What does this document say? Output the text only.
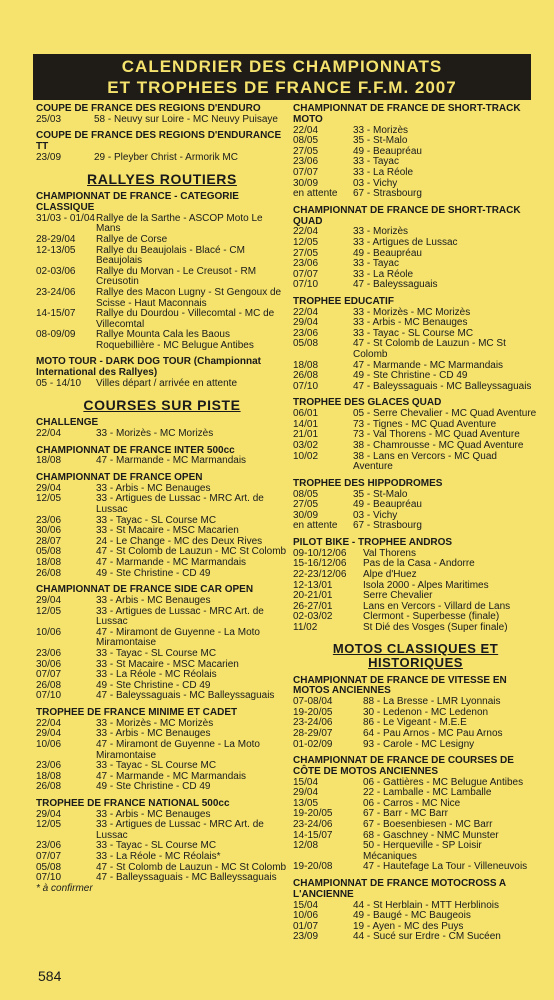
CALENDRIER DES CHAMPIONNATS
ET TROPHEES DE FRANCE F.F.M. 2007
COUPE DE FRANCE DES REGIONS D'ENDURO
25/03	58 - Neuvy sur Loire - MC Neuvy Puisaye
COUPE DE FRANCE DES REGIONS D'ENDURANCE TT
23/09	29 - Pleyber Christ - Armorik MC
RALLYES ROUTIERS
CHAMPIONNAT DE FRANCE - CATEGORIE CLASSIQUE
31/03 - 01/04 Rallye de la Sarthe - ASCOP Moto Le Mans
28-29/04	Rallye de Corse
12-13/05	Rallye du Beaujolais - Blacé - CM Beaujolais
02-03/06	Rallye du Morvan - Le Creusot - RM Creusotin
23-24/06	Rallye des Macon Lugny - St Gengoux de Scisse - Haut Maconnais
14-15/07	Rallye du Dourdou - Villecomtal - MC de Villecomtal
08-09/09	Rallye Mounta Cala les Baous Roquebillière - MC Belugue Antibes
MOTO TOUR - DARK DOG TOUR (Championnat International des Rallyes)
05 - 14/10	Villes départ / arrivée en attente
COURSES SUR PISTE
CHALLENGE
22/04	33 - Morizès - MC Morizès
CHAMPIONNAT DE FRANCE INTER 500cc
18/08	47 - Marmande - MC Marmandais
CHAMPIONNAT DE FRANCE OPEN
29/04	33 - Arbis - MC Benauges
12/05	33 - Artigues de Lussac - MRC Art. de Lussac
23/06	33 - Tayac - SL Course MC
30/06	33 - St Macaire - MSC Macarien
28/07	24 - Le Change - MC des Deux Rives
05/08	47 - St Colomb de Lauzun - MC St Colomb
18/08	47 - Marmande - MC Marmandais
26/08	49 - Ste Christine - CD 49
CHAMPIONNAT DE FRANCE SIDE CAR OPEN
29/04	33 - Arbis - MC Benauges
12/05	33 - Artigues de Lussac - MRC Art. de Lussac
10/06	47 - Miramont de Guyenne - La Moto Miramontaise
23/06	33 - Tayac - SL Course MC
30/06	33 - St Macaire - MSC Macarien
07/07	33 - La Réole - MC Réolais
26/08	49 - Ste Christine - CD 49
07/10	47 - Baleyssaguais - MC Balleyssaguais
TROPHEE DE FRANCE MINIME ET CADET
22/04	33 - Morizès - MC Morizès
29/04	33 - Arbis - MC Benauges
10/06	47 - Miramont de Guyenne - La Moto Miramontaise
23/06	33 - Tayac - SL Course MC
18/08	47 - Marmande - MC Marmandais
26/08	49 - Ste Christine - CD 49
TROPHEE DE FRANCE NATIONAL 500cc
29/04	33 - Arbis - MC Benauges
12/05	33 - Artigues de Lussac - MRC Art. de Lussac
23/06	33 - Tayac - SL Course MC
07/07	33 - La Réole - MC Réolais*
05/08	47 - St Colomb de Lauzun - MC St Colomb
07/10	47 - Balleyssaguais - MC Balleyssaguais
* à confirmer
CHAMPIONNAT DE FRANCE DE SHORT-TRACK MOTO
22/04	33 - Morizès
08/05	35 - St-Malo
27/05	49 - Beaupréau
23/06	33 - Tayac
07/07	33 - La Réole
30/09	03 - Vichy
en attente	67 - Strasbourg
CHAMPIONNAT DE FRANCE DE SHORT-TRACK QUAD
22/04	33 - Morizès
12/05	33 - Artigues de Lussac
27/05	49 - Beaupréau
23/06	33 - Tayac
07/07	33 - La Réole
07/10	47 - Baleyssaguais
TROPHEE EDUCATIF
22/04	33 - Morizès - MC Morizès
29/04	33 - Arbis - MC Benauges
23/06	33 - Tayac - SL Course MC
05/08	47 - St Colomb de Lauzun - MC St Colomb
18/08	47 - Marmande - MC Marmandais
26/08	49 - Ste Christine - CD 49
07/10	47 - Baleyssaguais - MC Balleyssaguais
TROPHEE DES GLACES QUAD
06/01	05 - Serre Chevalier - MC Quad Aventure
14/01	73 - Tignes - MC Quad Aventure
21/01	73 - Val Thorens - MC Quad Aventure
03/02	38 - Chamrousse - MC Quad Aventure
10/02	38 - Lans en Vercors - MC Quad Aventure
TROPHEE DES HIPPODROMES
08/05	35 - St-Malo
27/05	49 - Beaupréau
30/09	03 - Vichy
en attente	67 - Strasbourg
PILOT BIKE - TROPHEE ANDROS
09-10/12/06	Val Thorens
15-16/12/06	Pas de la Casa - Andorre
22-23/12/06	Alpe d'Huez
12-13/01	Isola 2000 - Alpes Maritimes
20-21/01	Serre Chevalier
26-27/01	Lans en Vercors - Villard de Lans
02-03/02	Clermont - Superbesse (finale)
11/02	St Dié des Vosges (Super finale)
MOTOS CLASSIQUES ET HISTORIQUES
CHAMPIONNAT DE FRANCE DE VITESSE EN MOTOS ANCIENNES
07-08/04	88 - La Bresse - LMR Lyonnais
19-20/05	30 - Ledenon - MC Ledenon
23-24/06	86 - Le Vigeant - M.E.E
28-29/07	64 - Pau Arnos - MC Pau Arnos
01-02/09	93 - Carole - MC Lesigny
CHAMPIONNAT DE FRANCE DE COURSES DE CÔTE DE MOTOS ANCIENNES
15/04	06 - Gattières - MC Belugue Antibes
29/04	22 - Lamballe - MC Lamballe
13/05	06 - Carros - MC Nice
19-20/05	67 - Barr - MC Barr
23-24/06	67 - Boesenbiesen - MC Barr
14-15/07	68 - Gaschney - NMC Munster
12/08	50 - Herqueville - SP Loisir Mécaniques
19-20/08	47 - Hautefage La Tour - Villeneuvois
CHAMPIONNAT DE FRANCE MOTOCROSS A L'ANCIENNE
15/04	44 - St Herblain - MTT Herblinois
10/06	49 - Baugé - MC Baugeois
01/07	19 - Ayen - MC des Puys
23/09	44 - Sucé sur Erdre - CM Sucéen
584
